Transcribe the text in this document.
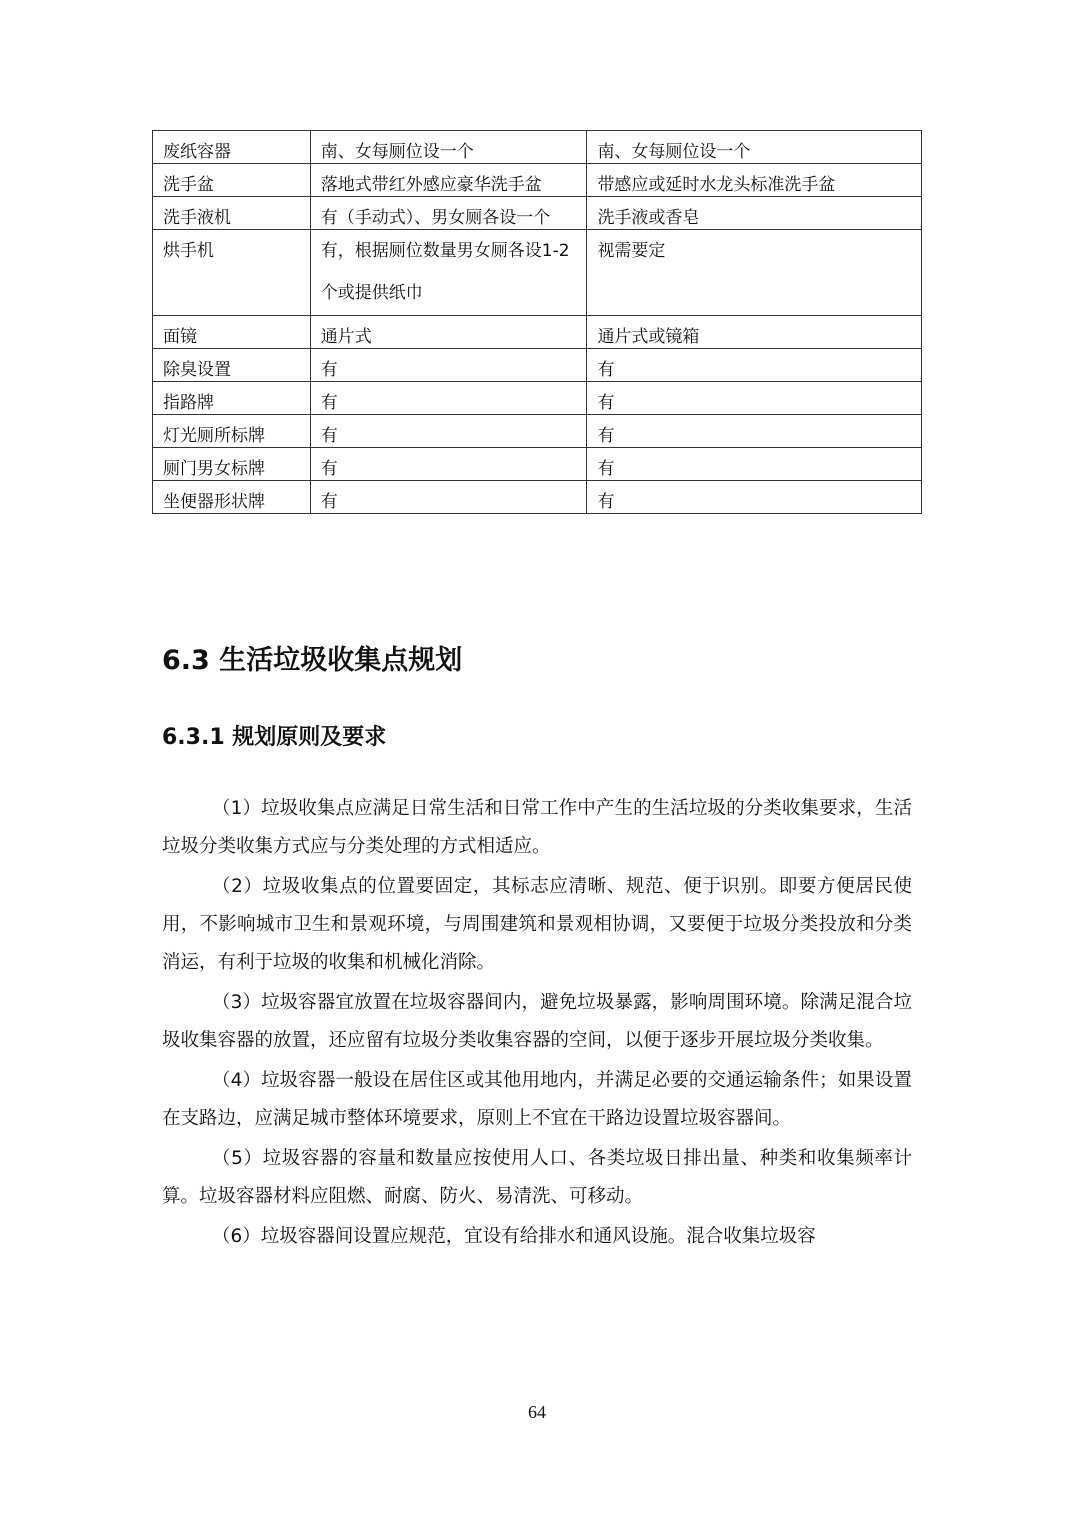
废纸容器	南、女每厕位设一个	南、女每厕位设一个
洗手盆	落地式带红外感应豪华洗手盆	带感应或延时水龙头标准洗手盆
洗手液机	有（手动式）、男女厕各设一个	洗手液或香皂
烘手机	有，根据厕位数量男女厕各设1-2 个或提供纸巾	视需要定
面镜	通片式	通片式或镜箱
除臭设置	有	有
指路牌	有	有
灯光厕所标牌	有	有
厕门男女标牌	有	有
坐便器形状牌	有	有
6.3 生活垃圾收集点规划
6.3.1 规划原则及要求

（1）垃圾收集点应满足日常生活和日常工作中产生的生活垃圾的分类收集要求，生活垃圾分类收集方式应与分类处理的方式相适应。

（2）垃圾收集点的位置要固定，其标志应清晰、规范、便于识别。即要方便居民使用，不影响城市卫生和景观环境，与周围建筑和景观相协调，又要便于垃圾分类投放和分类消运，有利于垃圾的收集和机械化消除。

（3）垃圾容器宜放置在垃圾容器间内，避免垃圾暴露，影响周围环境。除满足混合垃圾收集容器的放置，还应留有垃圾分类收集容器的空间，以便于逐步开展垃圾分类收集。

（4）垃圾容器一般设在居住区或其他用地内，并满足必要的交通运输条件；如果设置在支路边，应满足城市整体环境要求，原则上不宜在干路边设置垃圾容器间。

（5）垃圾容器的容量和数量应按使用人口、各类垃圾日排出量、种类和收集频率计算。垃圾容器材料应阻燃、耐腐、防火、易清洗、可移动。

（6）垃圾容器间设置应规范，宜设有给排水和通风设施。混合收集垃圾容

64
